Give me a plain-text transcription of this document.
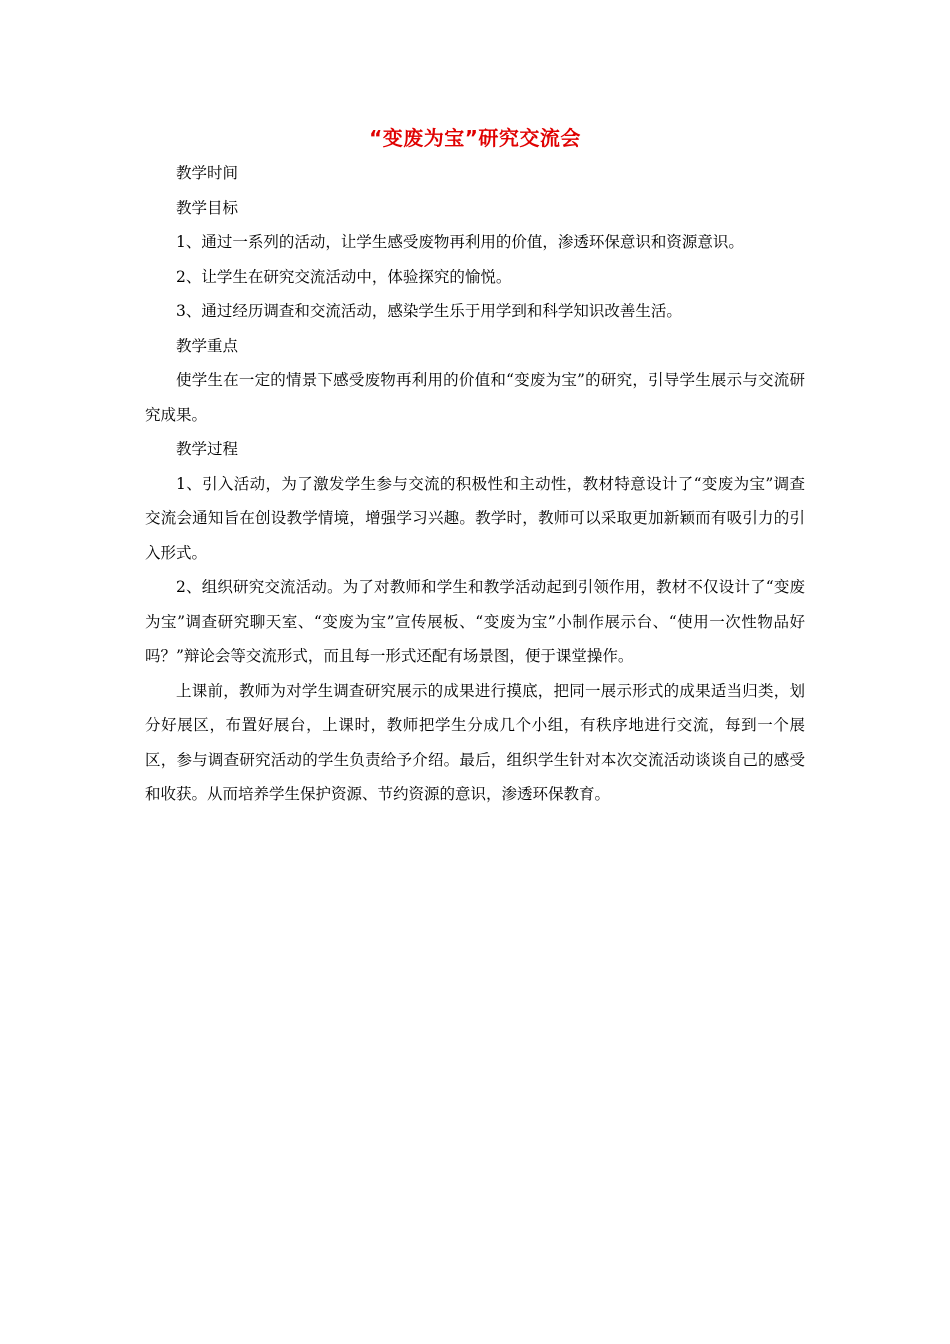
“变废为宝”研究交流会

教学时间

教学目标

1、通过一系列的活动，让学生感受废物再利用的价值，渗透环保意识和资源意识。

2、让学生在研究交流活动中，体验探究的愉悦。

3、通过经历调查和交流活动，感染学生乐于用学到和科学知识改善生活。

教学重点

使学生在一定的情景下感受废物再利用的价值和“变废为宝”的研究，引导学生展示与交流研究成果。

教学过程

1、引入活动，为了激发学生参与交流的积极性和主动性，教材特意设计了“变废为宝”调查交流会通知旨在创设教学情境，增强学习兴趣。教学时，教师可以采取更加新颖而有吸引力的引入形式。

2、组织研究交流活动。为了对教师和学生和教学活动起到引领作用，教材不仅设计了“变废为宝”调查研究聊天室、“变废为宝”宣传展板、“变废为宝”小制作展示台、“使用一次性物品好吗？”辩论会等交流形式，而且每一形式还配有场景图，便于课堂操作。

上课前，教师为对学生调查研究展示的成果进行摸底，把同一展示形式的成果适当归类，划分好展区，布置好展台，上课时，教师把学生分成几个小组，有秩序地进行交流，每到一个展区，参与调查研究活动的学生负责给予介绍。最后，组织学生针对本次交流活动谈谈自己的感受和收获。从而培养学生保护资源、节约资源的意识，渗透环保教育。
